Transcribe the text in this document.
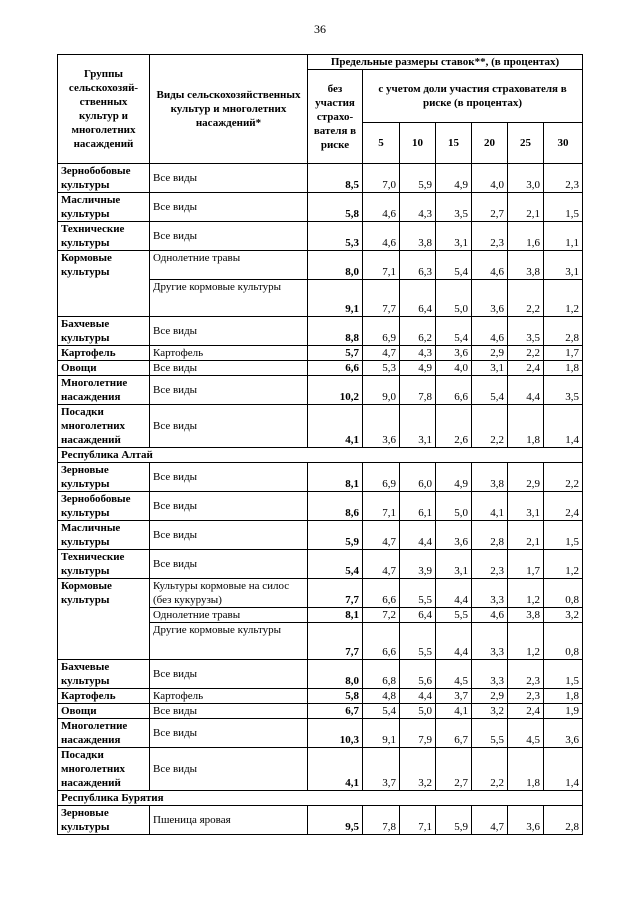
36
Группы сельскохозяй-ственных культур и многолетних насаждений	Виды сельскохозяйственных культур и многолетних насаждений*	Предельные размеры ставок**, (в процентах)						
		без участия страхо-вателя в риске	с учетом доли участия страхователя в риске (в процентах)					
			5	10	15	20	25	30
Зернобобовые культуры	Все виды	8,5	7,0	5,9	4,9	4,0	3,0	2,3
Масличные культуры	Все виды	5,8	4,6	4,3	3,5	2,7	2,1	1,5
Технические культуры	Все виды	5,3	4,6	3,8	3,1	2,3	1,6	1,1
Кормовые культуры	Однолетние травы	8,0	7,1	6,3	5,4	4,6	3,8	3,1
	Другие кормовые культуры	9,1	7,7	6,4	5,0	3,6	2,2	1,2
Бахчевые культуры	Все виды	8,8	6,9	6,2	5,4	4,6	3,5	2,8
Картофель	Картофель	5,7	4,7	4,3	3,6	2,9	2,2	1,7
Овощи	Все виды	6,6	5,3	4,9	4,0	3,1	2,4	1,8
Многолетние насаждения	Все виды	10,2	9,0	7,8	6,6	5,4	4,4	3,5
Посадки многолетних насаждений	Все виды	4,1	3,6	3,1	2,6	2,2	1,8	1,4
Республика Алтай								
Зерновые культуры	Все виды	8,1	6,9	6,0	4,9	3,8	2,9	2,2
Зернобобовые культуры	Все виды	8,6	7,1	6,1	5,0	4,1	3,1	2,4
Масличные культуры	Все виды	5,9	4,7	4,4	3,6	2,8	2,1	1,5
Технические культуры	Все виды	5,4	4,7	3,9	3,1	2,3	1,7	1,2
Кормовые культуры	Культуры кормовые на силос (без кукурузы)	7,7	6,6	5,5	4,4	3,3	1,2	0,8
	Однолетние травы	8,1	7,2	6,4	5,5	4,6	3,8	3,2
	Другие кормовые культуры	7,7	6,6	5,5	4,4	3,3	1,2	0,8
Бахчевые культуры	Все виды	8,0	6,8	5,6	4,5	3,3	2,3	1,5
Картофель	Картофель	5,8	4,8	4,4	3,7	2,9	2,3	1,8
Овощи	Все виды	6,7	5,4	5,0	4,1	3,2	2,4	1,9
Многолетние насаждения	Все виды	10,3	9,1	7,9	6,7	5,5	4,5	3,6
Посадки многолетних насаждений	Все виды	4,1	3,7	3,2	2,7	2,2	1,8	1,4
Республика Бурятия								
Зерновые культуры	Пшеница яровая	9,5	7,8	7,1	5,9	4,7	3,6	2,8
